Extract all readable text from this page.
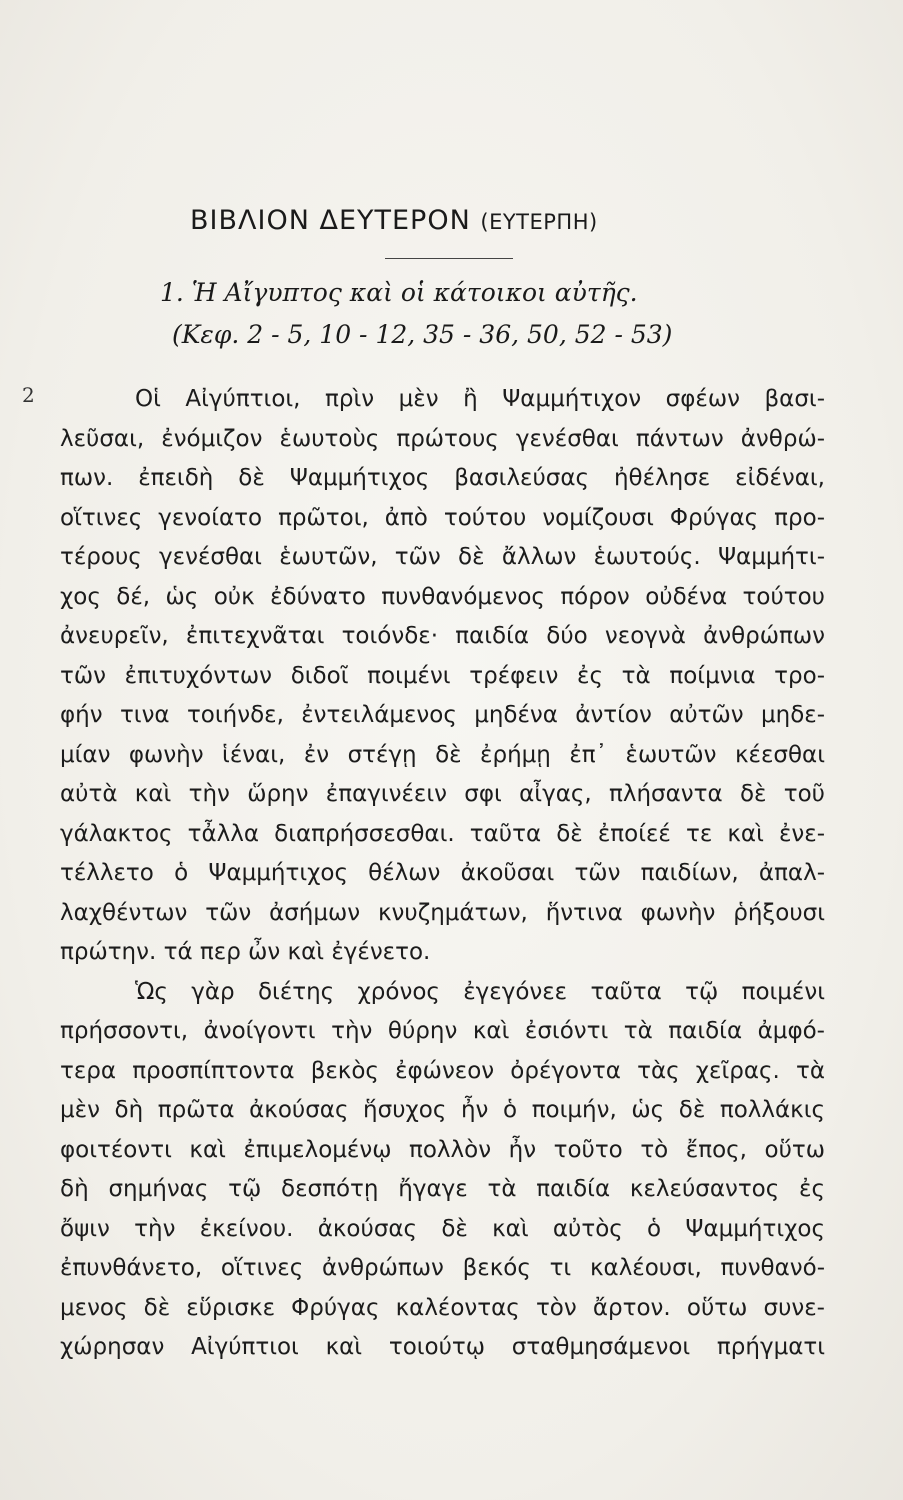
ΒΙΒΛΙΟΝ ΔΕΥΤΕΡΟΝ (ΕΥΤΕΡΠΗ)
1. Ἡ Αἴγυπτος καὶ οἱ κάτοικοι αὐτῆς.
(Κεφ. 2 - 5, 10 - 12, 35 - 36, 50, 52 - 53)
2	Οἱ Αἰγύπτιοι, πρὶν μὲν ἢ Ψαμμήτιχον σφέων βασι-
λεῦσαι, ἐνόμιζον ἑωυτοὺς πρώτους γενέσθαι πάντων ἀνθρώ-
πων. ἐπειδὴ δὲ Ψαμμήτιχος βασιλεύσας ἠθέλησε εἰδέναι,
οἵτινες γενοίατο πρῶτοι, ἀπὸ τούτου νομίζουσι Φρύγας προ-
τέρους γενέσθαι ἑωυτῶν, τῶν δὲ ἄλλων ἑωυτούς. Ψαμμήτι-
χος δέ, ὡς οὐκ ἐδύνατο πυνθανόμενος πόρον οὐδένα τούτου
ἀνευρεῖν, ἐπιτεχνᾶται τοιόνδε· παιδία δύο νεογνὰ ἀνθρώπων
τῶν ἐπιτυχόντων διδοῖ ποιμένι τρέφειν ἐς τὰ ποίμνια τρο-
φήν τινα τοιήνδε, ἐντειλάμενος μηδένα ἀντίον αὐτῶν μηδε-
μίαν φωνὴν ἱέναι, ἐν στέγῃ δὲ ἐρήμῃ ἐπ᾽ ἑωυτῶν κέεσθαι
αὐτὰ καὶ τὴν ὥρην ἐπαγινέειν σφι αἶγας, πλήσαντα δὲ τοῦ
γάλακτος τἆλλα διαπρήσσεσθαι. ταῦτα δὲ ἐποίεέ τε καὶ ἐνε-
τέλλετο ὁ Ψαμμήτιχος θέλων ἀκοῦσαι τῶν παιδίων, ἀπαλ-
λαχθέντων τῶν ἀσήμων κνυζημάτων, ἥντινα φωνὴν ῥήξουσι
πρώτην. τά περ ὦν καὶ ἐγένετο.
Ὡς γὰρ διέτης χρόνος ἐγεγόνεε ταῦτα τῷ ποιμένι
πρήσσοντι, ἀνοίγοντι τὴν θύρην καὶ ἐσιόντι τὰ παιδία ἀμφό-
τερα προσπίπτοντα βεκὸς ἐφώνεον ὀρέγοντα τὰς χεῖρας. τὰ
μὲν δὴ πρῶτα ἀκούσας ἥσυχος ἦν ὁ ποιμήν, ὡς δὲ πολλάκις
φοιτέοντι καὶ ἐπιμελομένῳ πολλὸν ἦν τοῦτο τὸ ἔπος, οὕτω
δὴ σημήνας τῷ δεσπότῃ ἤγαγε τὰ παιδία κελεύσαντος ἐς
ὄψιν τὴν ἐκείνου. ἀκούσας δὲ καὶ αὐτὸς ὁ Ψαμμήτιχος
ἐπυνθάνετο, οἵτινες ἀνθρώπων βεκός τι καλέουσι, πυνθανό-
μενος δὲ εὕρισκε Φρύγας καλέοντας τὸν ἄρτον. οὕτω συνε-
χώρησαν Αἰγύπτιοι καὶ τοιούτῳ σταθμησάμενοι πρήγματι
